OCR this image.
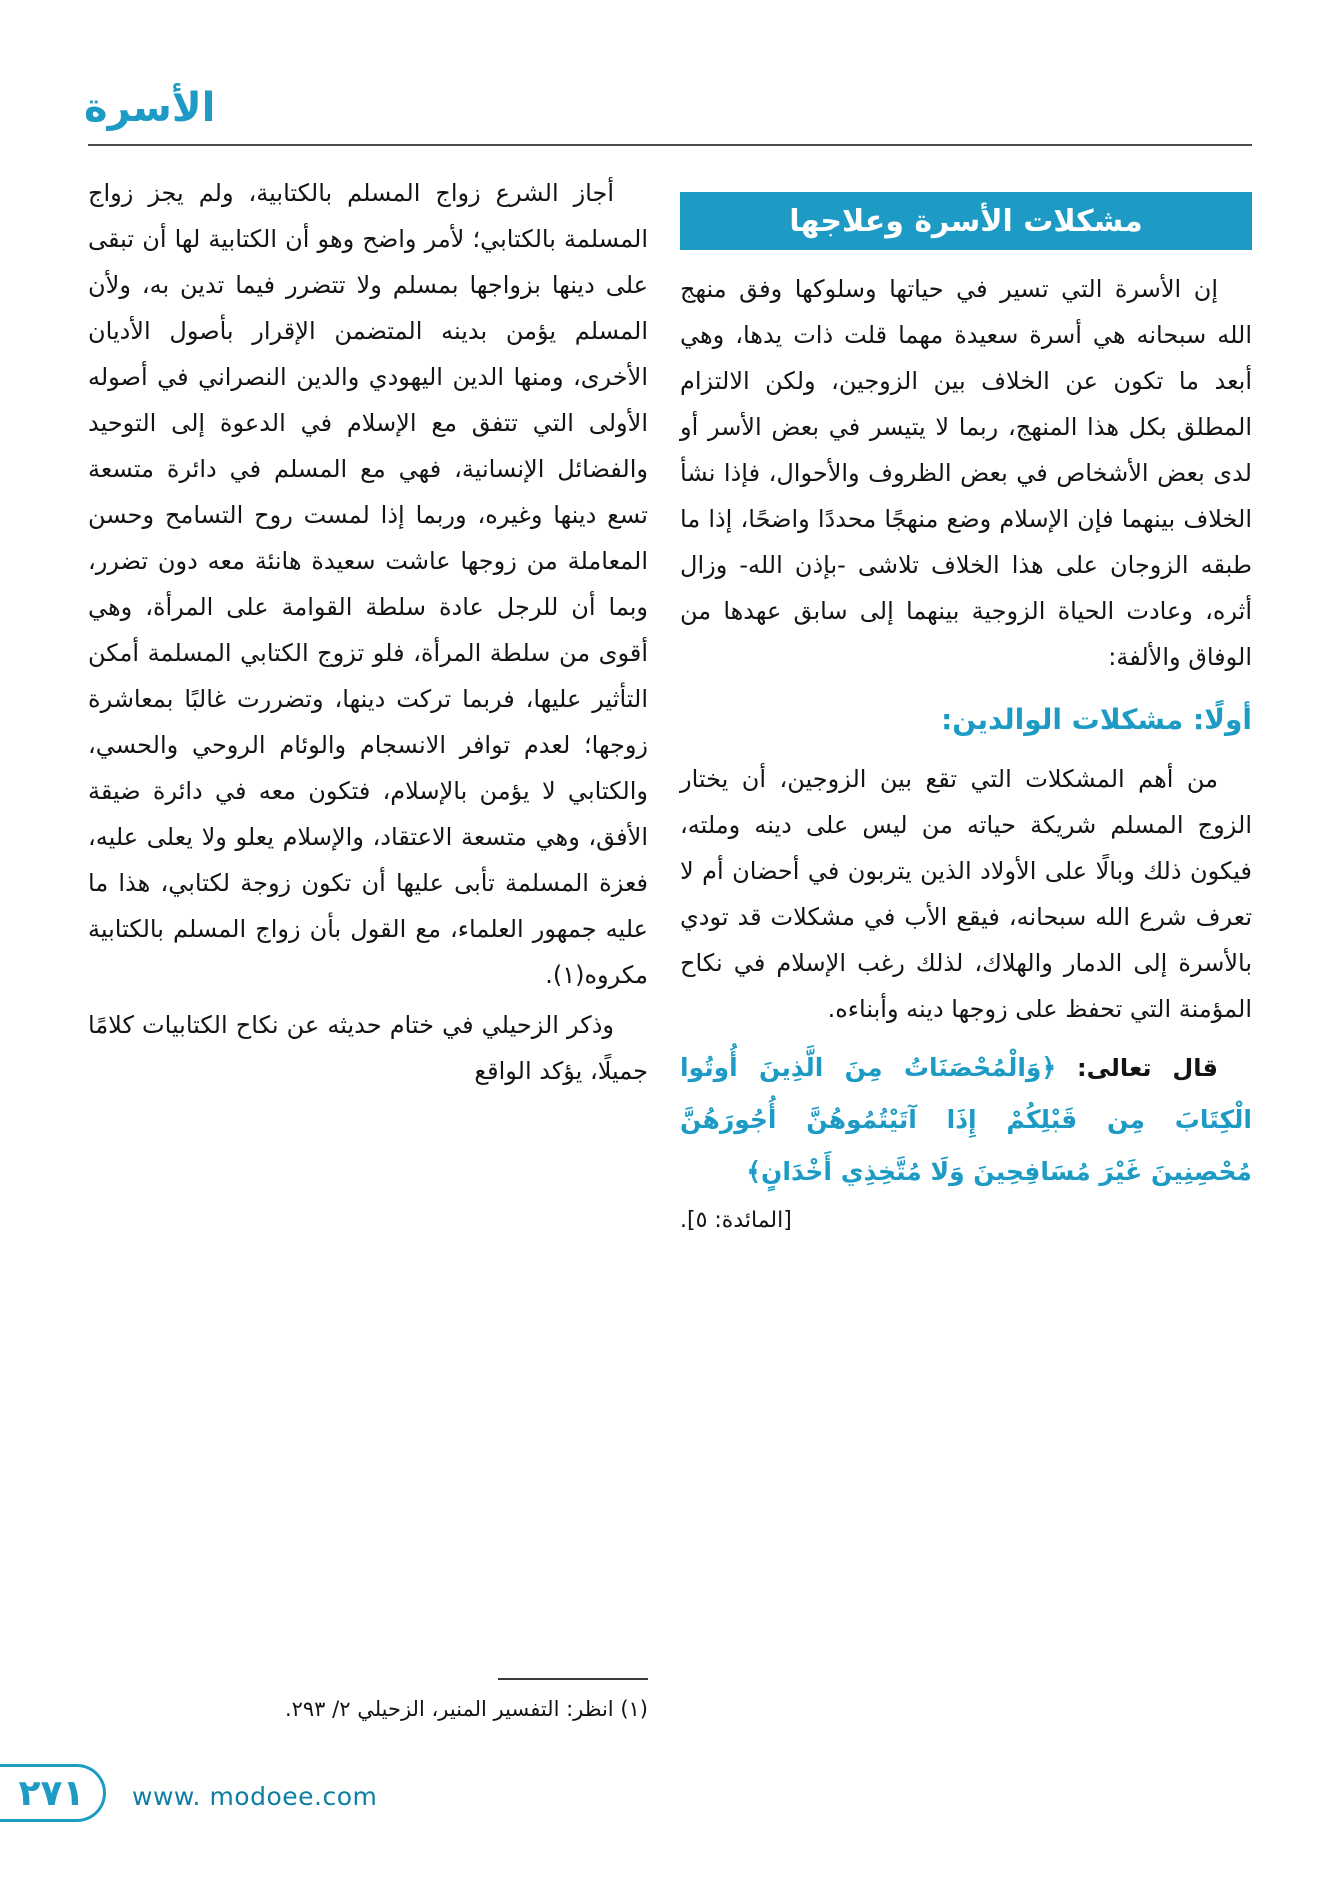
الأسرة
مشكلات الأسرة وعلاجها

إن الأسرة التي تسير في حياتها وسلوكها وفق منهج الله سبحانه هي أسرة سعيدة مهما قلت ذات يدها، وهي أبعد ما تكون عن الخلاف بين الزوجين، ولكن الالتزام المطلق بكل هذا المنهج، ربما لا يتيسر في بعض الأسر أو لدى بعض الأشخاص في بعض الظروف والأحوال، فإذا نشأ الخلاف بينهما فإن الإسلام وضع منهجًا محددًا واضحًا، إذا ما طبقه الزوجان على هذا الخلاف تلاشى -بإذن الله- وزال أثره، وعادت الحياة الزوجية بينهما إلى سابق عهدها من الوفاق والألفة:

أولًا: مشكلات الوالدين:

من أهم المشكلات التي تقع بين الزوجين، أن يختار الزوج المسلم شريكة حياته من ليس على دينه وملته، فيكون ذلك وبالًا على الأولاد الذين يتربون في أحضان أم لا تعرف شرع الله سبحانه، فيقع الأب في مشكلات قد تودي بالأسرة إلى الدمار والهلاك، لذلك رغب الإسلام في نكاح المؤمنة التي تحفظ على زوجها دينه وأبناءه.

قال تعالى: ﴿وَالْمُحْصَنَاتُ مِنَ الَّذِينَ أُوتُوا الْكِتَابَ مِن قَبْلِكُمْ إِذَا آتَيْتُمُوهُنَّ أُجُورَهُنَّ مُحْصِنِينَ غَيْرَ مُسَافِحِينَ وَلَا مُتَّخِذِي أَخْدَانٍ﴾

[المائدة: ٥].

أجاز الشرع زواج المسلم بالكتابية، ولم يجز زواج المسلمة بالكتابي؛ لأمر واضح وهو أن الكتابية لها أن تبقى على دينها بزواجها بمسلم ولا تتضرر فيما تدين به، ولأن المسلم يؤمن بدينه المتضمن الإقرار بأصول الأديان الأخرى، ومنها الدين اليهودي والدين النصراني في أصوله الأولى التي تتفق مع الإسلام في الدعوة إلى التوحيد والفضائل الإنسانية، فهي مع المسلم في دائرة متسعة تسع دينها وغيره، وربما إذا لمست روح التسامح وحسن المعاملة من زوجها عاشت سعيدة هانئة معه دون تضرر، وبما أن للرجل عادة سلطة القوامة على المرأة، وهي أقوى من سلطة المرأة، فلو تزوج الكتابي المسلمة أمكن التأثير عليها، فربما تركت دينها، وتضررت غالبًا بمعاشرة زوجها؛ لعدم توافر الانسجام والوئام الروحي والحسي، والكتابي لا يؤمن بالإسلام، فتكون معه في دائرة ضيقة الأفق، وهي متسعة الاعتقاد، والإسلام يعلو ولا يعلى عليه، فعزة المسلمة تأبى عليها أن تكون زوجة لكتابي، هذا ما عليه جمهور العلماء، مع القول بأن زواج المسلم بالكتابية مكروه(١).

وذكر الزحيلي في ختام حديثه عن نكاح الكتابيات كلامًا جميلًا، يؤكد الواقع

(١) انظر: التفسير المنير، الزحيلي ٢/ ٢٩٣.
٢٧١ www. modoee.com
